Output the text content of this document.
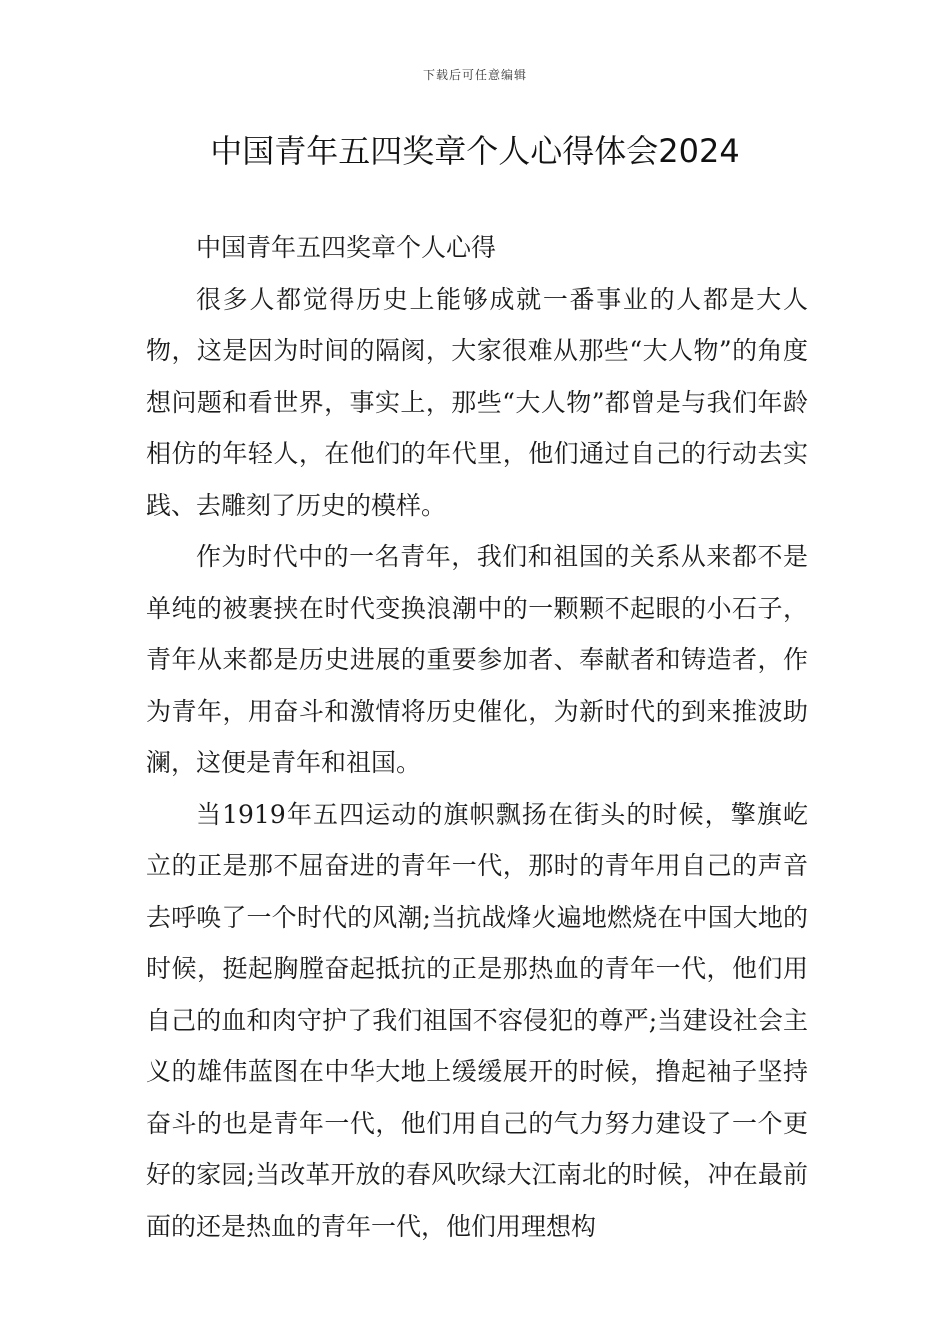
下载后可任意编辑
中国青年五四奖章个人心得体会2024

中国青年五四奖章个人心得

很多人都觉得历史上能够成就一番事业的人都是大人物，这是因为时间的隔阂，大家很难从那些“大人物”的角度想问题和看世界，事实上，那些“大人物”都曾是与我们年龄相仿的年轻人，在他们的年代里，他们通过自己的行动去实践、去雕刻了历史的模样。

作为时代中的一名青年，我们和祖国的关系从来都不是单纯的被裹挟在时代变换浪潮中的一颗颗不起眼的小石子，青年从来都是历史进展的重要参加者、奉献者和铸造者，作为青年，用奋斗和激情将历史催化，为新时代的到来推波助澜，这便是青年和祖国。

当1919年五四运动的旗帜飘扬在街头的时候，擎旗屹立的正是那不屈奋进的青年一代，那时的青年用自己的声音去呼唤了一个时代的风潮;当抗战烽火遍地燃烧在中国大地的时候，挺起胸膛奋起抵抗的正是那热血的青年一代，他们用自己的血和肉守护了我们祖国不容侵犯的尊严;当建设社会主义的雄伟蓝图在中华大地上缓缓展开的时候，撸起袖子坚持奋斗的也是青年一代，他们用自己的气力努力建设了一个更好的家园;当改革开放的春风吹绿大江南北的时候，冲在最前面的还是热血的青年一代，他们用理想构
